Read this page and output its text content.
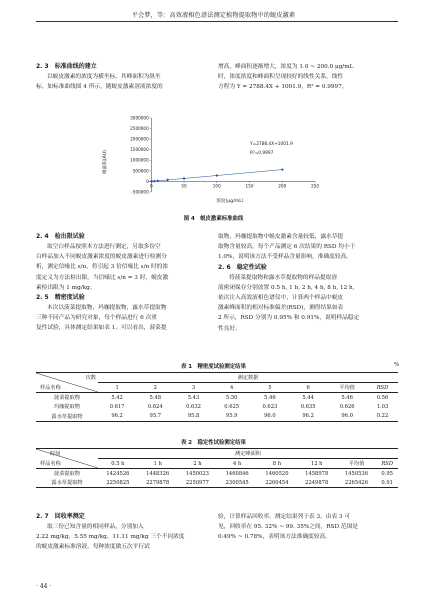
平会梦，等：高效液相色谱法测定植物提取物中的蜕皮激素
2. 3　标准曲线的建立
以蜕皮激素的浓度为横坐标，其峰面积为纵坐
标。如标准曲线图 4 所示，随蜕皮激素溶液浓度的
增高，峰面积逐渐增大，浓度为 1.0 ~ 200.0 μg/mL
时，浓度浓度和峰面积呈现较好的线性关系，线性
方程为 Y = 2788.4X + 1001.9，R² = 0.9997。
-500000
0
500000
1000000
1500000
2000000
2500000
3000000
0	50	100	150	200	250
Y=2788.4X+1001.9
R²=0.9997
浓度(μg/mL)
峰面积(AU)
图 4　 蜕皮激素标准曲线
2. 4　检出限试验
取空白样品按照本方法进行测定，另取多份空
白样品加入不同蜕皮激素浓度的蜕皮激素进行检测分
析，测定信噪比 s/n，将引起 3 倍信噪比 s/n 时的浓
度定义为方法检出限，当信噪比 s/n = 3 时，蜕皮激
素检出限为 1 mg/kg。
2. 5　精密度试验
本次以菠菜提取物，玛咖提取物，露水草提取物
三种不同产品为研究对象，每个样品进行 6 次重
复性试验，具体测定结果如表 1。可以看出，菠菜提
取物、玛咖提取物中蜕皮激素含量较低，露水草提
取物含量较高，每个产品测定 6 次结果的 RSD 均小于
1.0%，说明该方法不受样品含量影响，准确度较高。
2. 6　稳定性试验
将菠菜提取物和露水草提取物的样品提取溶
液密闭保存分别放置 0.5 h, 1 h, 2 h, 4 h, 8 h, 12 h,
依次注入高效液相色谱仪中，计算两个样品中蜕皮
激素峰面积的相对标准偏差(RSD)，测得结果如表
2 所示，RSD 分别为 0.95% 和 0.91%，说明样品稳定
性良好。
表 1　精密度试验测定结果	%
次数
样品名称	测定数据							
	1	2	3	4	5	6	平均值	RSD
菠菜提取物	5.42	5.48	5.43	5.50	5.46	5.44	5.46	0.56
玛咖提取物	0.617	0.624	0.632	0.625	0.623	0.635	0.626	1.03
露水草提取物	96.2	95.7	95.8	95.9	96.0	96.2	96.0	0.22
表 2　稳定性试验测定结果
时间
样品名称	测定峰面积							
	0.5 h	1 h	2 h	4 h	8 h	12 h	平均值	RSD
菠菜提取物	1424526	1448326	1450023	1460846	1460520	1458978	1450536	0.95
露水草提取物	2250825	2279878	2250977	2300545	2260454	2249878	2265426	0.91
2. 7　回收率测定
取三份已知含量的相同样品，分别加入
2.22 mg/kg、5.55 mg/kg、11.11 mg/kg 三个不同浓度
的蜕皮激素标准溶液，每种浓度做五次平行试
验，计算样品回收率。测定结果列于表 3，由表 3 可
见，回收率在 95. 32% ~ 99. 35%之间，RSD 范围是
0.49% ~ 0.78%，表明该方法准确度较高。
· 44 ·
